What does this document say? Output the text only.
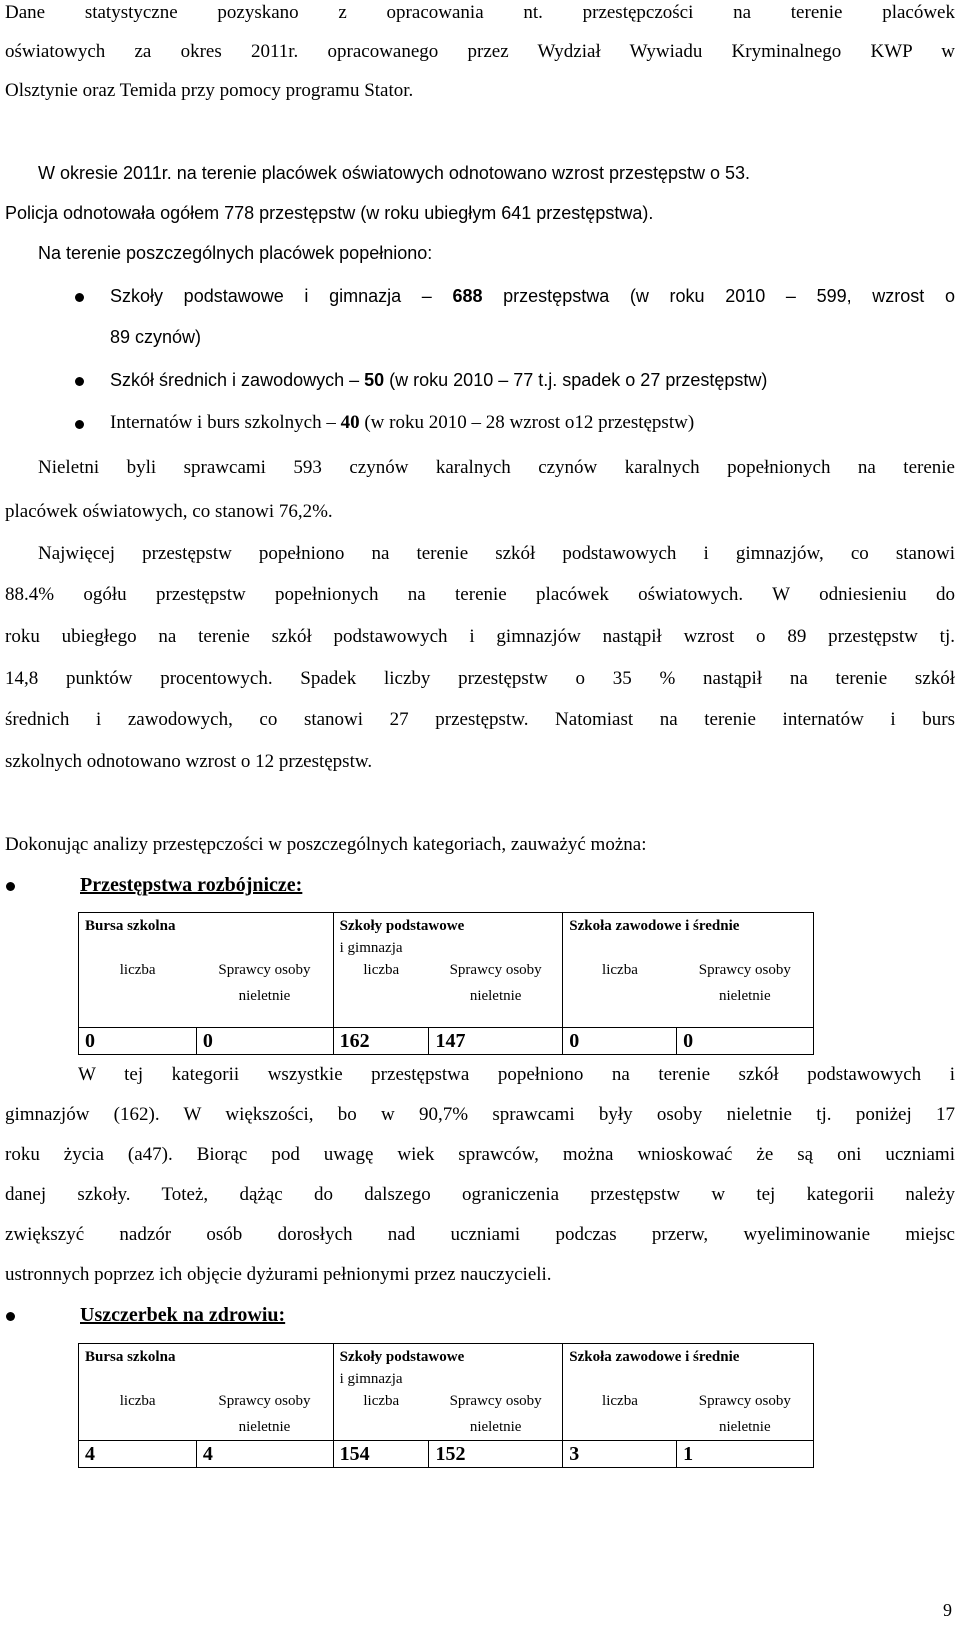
Dane statystyczne pozyskano z opracowania nt. przestępczości na terenie placówek
oświatowych za okres 2011r. opracowanego przez Wydział Wywiadu Kryminalnego KWP w
Olsztynie oraz Temida przy pomocy programu Stator.
W okresie 2011r. na terenie placówek oświatowych odnotowano wzrost przestępstw o 53.
Policja odnotowała ogółem 778 przestępstw (w roku ubiegłym 641 przestępstwa).
Na terenie poszczególnych placówek popełniono:
Szkoły podstawowe i gimnazja – 688 przestępstwa (w roku 2010 – 599, wzrost o
89 czynów)
Szkół średnich i zawodowych – 50 (w roku 2010 – 77 t.j. spadek o 27 przestępstw)
Internatów i burs szkolnych – 40 (w roku 2010 – 28 wzrost o12 przestępstw)
Nieletni byli sprawcami 593 czynów karalnych czynów karalnych popełnionych na terenie
placówek oświatowych, co stanowi 76,2%.
Najwięcej przestępstw popełniono na terenie szkół podstawowych i gimnazjów, co stanowi
88.4% ogółu przestępstw popełnionych na terenie placówek oświatowych. W odniesieniu do
roku ubiegłego na terenie szkół podstawowych i gimnazjów nastąpił wzrost o 89 przestępstw tj.
14,8 punktów procentowych. Spadek liczby przestępstw o 35 % nastąpił na terenie szkół
średnich i zawodowych, co stanowi 27 przestępstw. Natomiast na terenie internatów i burs
szkolnych odnotowano wzrost o 12 przestępstw.
Dokonując analizy przestępczości w poszczególnych kategoriach, zauważyć można:
Przestępstwa rozbójnicze:
Bursa szkolna		Szkoły podstawowe		Szkoła zawodowe i średnie	
		i gimnazja			
liczba	Sprawcy osoby	liczba	Sprawcy osoby	liczba	Sprawcy osoby
	nieletnie		nieletnie		nieletnie

0	0	162	147	0	0
W tej kategorii wszystkie przestępstwa popełniono na terenie szkół podstawowych i
gimnazjów (162). W większości, bo w 90,7% sprawcami były osoby nieletnie tj. poniżej 17
roku życia (a47). Biorąc pod uwagę wiek sprawców, można wnioskować że są oni uczniami
danej szkoły. Toteż, dążąc do dalszego ograniczenia przestępstw w tej kategorii należy
zwiększyć nadzór osób dorosłych nad uczniami podczas przerw, wyeliminowanie miejsc
ustronnych poprzez ich objęcie dyżurami pełnionymi przez nauczycieli.
Uszczerbek na zdrowiu:
Bursa szkolna		Szkoły podstawowe		Szkoła zawodowe i średnie	
		i gimnazja			
liczba	Sprawcy osoby	liczba	Sprawcy osoby	liczba	Sprawcy osoby
	nieletnie		nieletnie		nieletnie
4	4	154	152	3	1
9
